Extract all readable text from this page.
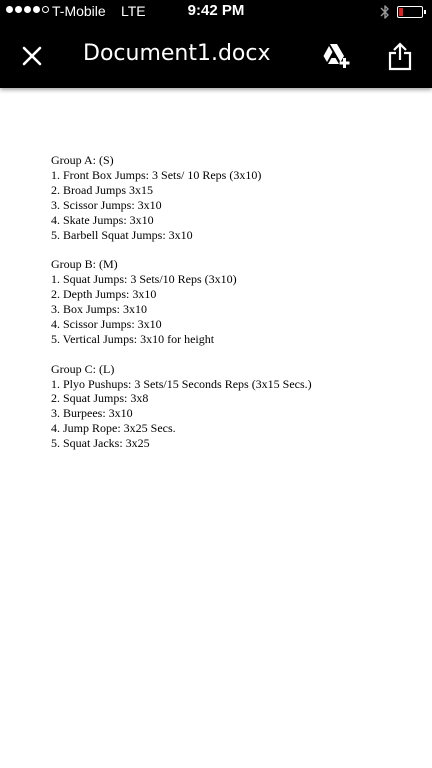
T-Mobile LTE	9:42 PM
Document1.docx
Group A: (S)
1. Front Box Jumps: 3 Sets/ 10 Reps (3x10)
2. Broad Jumps 3x15
3. Scissor Jumps: 3x10
4. Skate Jumps: 3x10
5. Barbell Squat Jumps: 3x10
Group B: (M)
1. Squat Jumps: 3 Sets/10 Reps (3x10)
2. Depth Jumps: 3x10
3. Box Jumps: 3x10
4. Scissor Jumps: 3x10
5. Vertical Jumps: 3x10 for height
Group C: (L)
1. Plyo Pushups: 3 Sets/15 Seconds Reps (3x15 Secs.)
2. Squat Jumps: 3x8
3. Burpees: 3x10
4. Jump Rope: 3x25 Secs.
5. Squat Jacks: 3x25
